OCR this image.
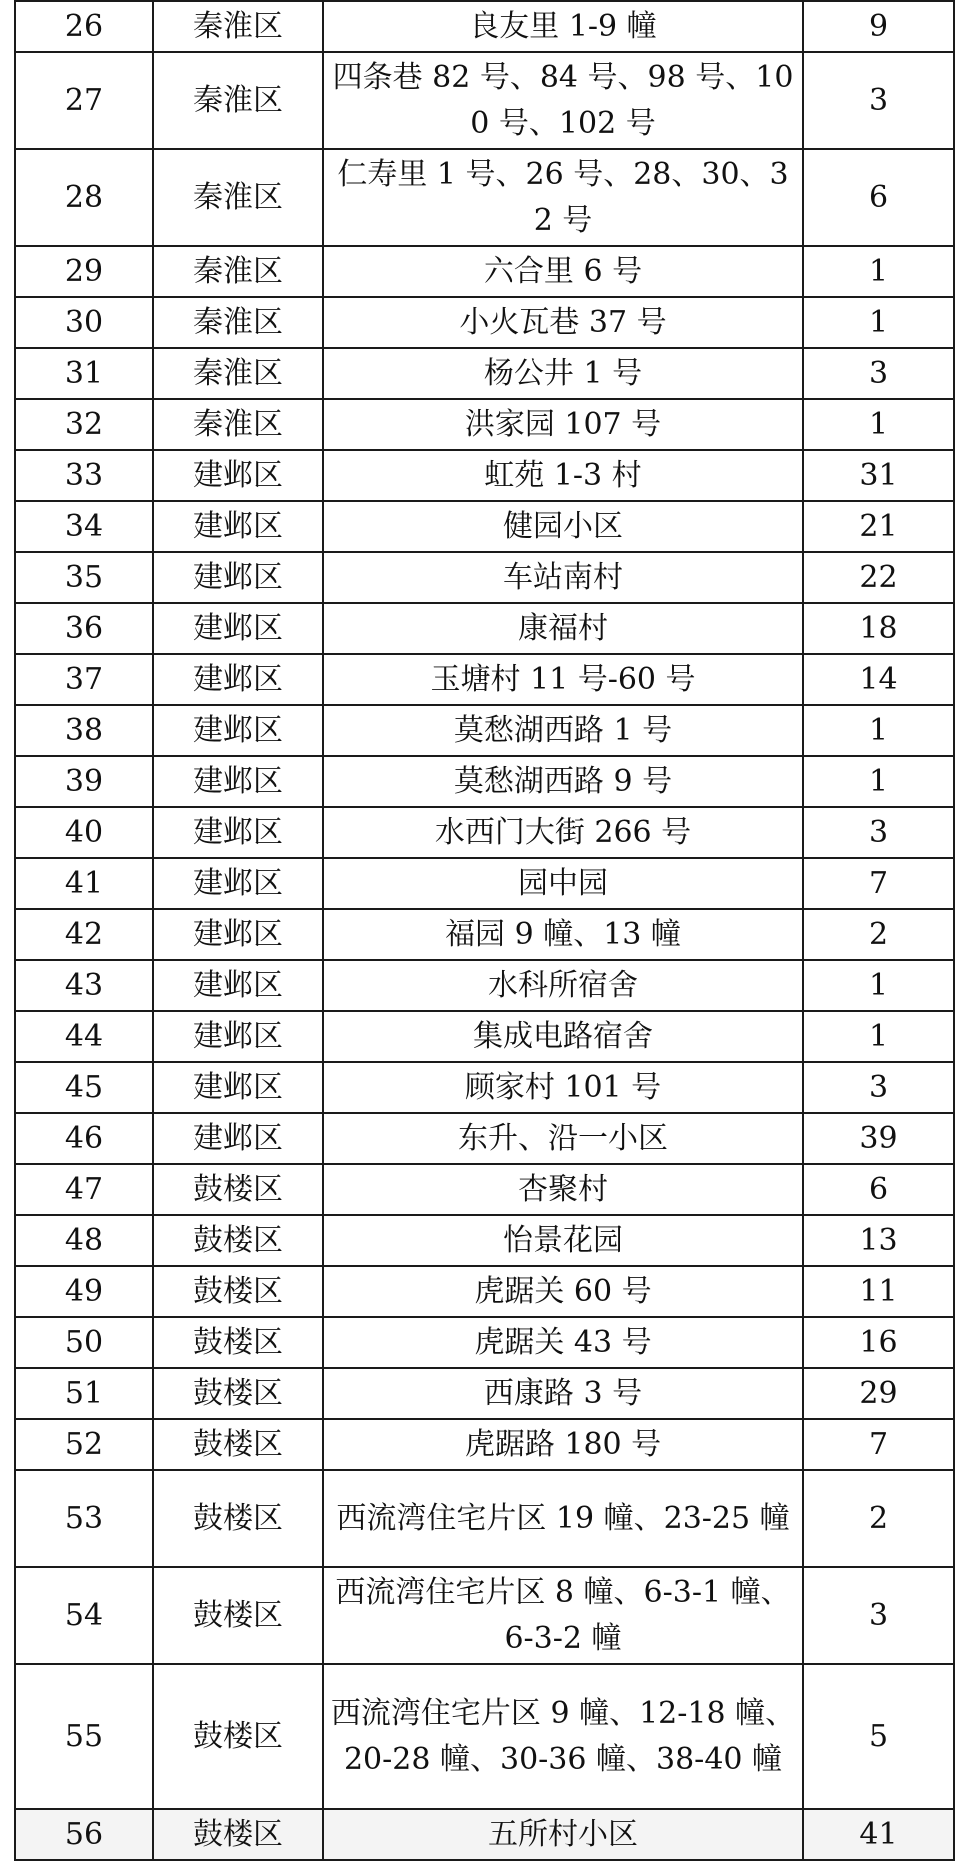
26	秦淮区	良友里 1-9 幢	9
27	秦淮区	四条巷 82 号、84 号、98 号、100 号、102 号	3
28	秦淮区	仁寿里 1 号、26 号、28、30、32 号	6
29	秦淮区	六合里 6 号	1
30	秦淮区	小火瓦巷 37 号	1
31	秦淮区	杨公井 1 号	3
32	秦淮区	洪家园 107 号	1
33	建邺区	虹苑 1-3 村	31
34	建邺区	健园小区	21
35	建邺区	车站南村	22
36	建邺区	康福村	18
37	建邺区	玉塘村 11 号-60 号	14
38	建邺区	莫愁湖西路 1 号	1
39	建邺区	莫愁湖西路 9 号	1
40	建邺区	水西门大街 266 号	3
41	建邺区	园中园	7
42	建邺区	福园 9 幢、13 幢	2
43	建邺区	水科所宿舍	1
44	建邺区	集成电路宿舍	1
45	建邺区	顾家村 101 号	3
46	建邺区	东升、沿一小区	39
47	鼓楼区	杏聚村	6
48	鼓楼区	怡景花园	13
49	鼓楼区	虎踞关 60 号	11
50	鼓楼区	虎踞关 43 号	16
51	鼓楼区	西康路 3 号	29
52	鼓楼区	虎踞路 180 号	7
53	鼓楼区	西流湾住宅片区 19 幢、23-25 幢	2
54	鼓楼区	西流湾住宅片区 8 幢、6-3-1 幢、6-3-2 幢	3
55	鼓楼区	西流湾住宅片区 9 幢、12-18 幢、20-28 幢、30-36 幢、38-40 幢	5
56	鼓楼区	五所村小区	41
